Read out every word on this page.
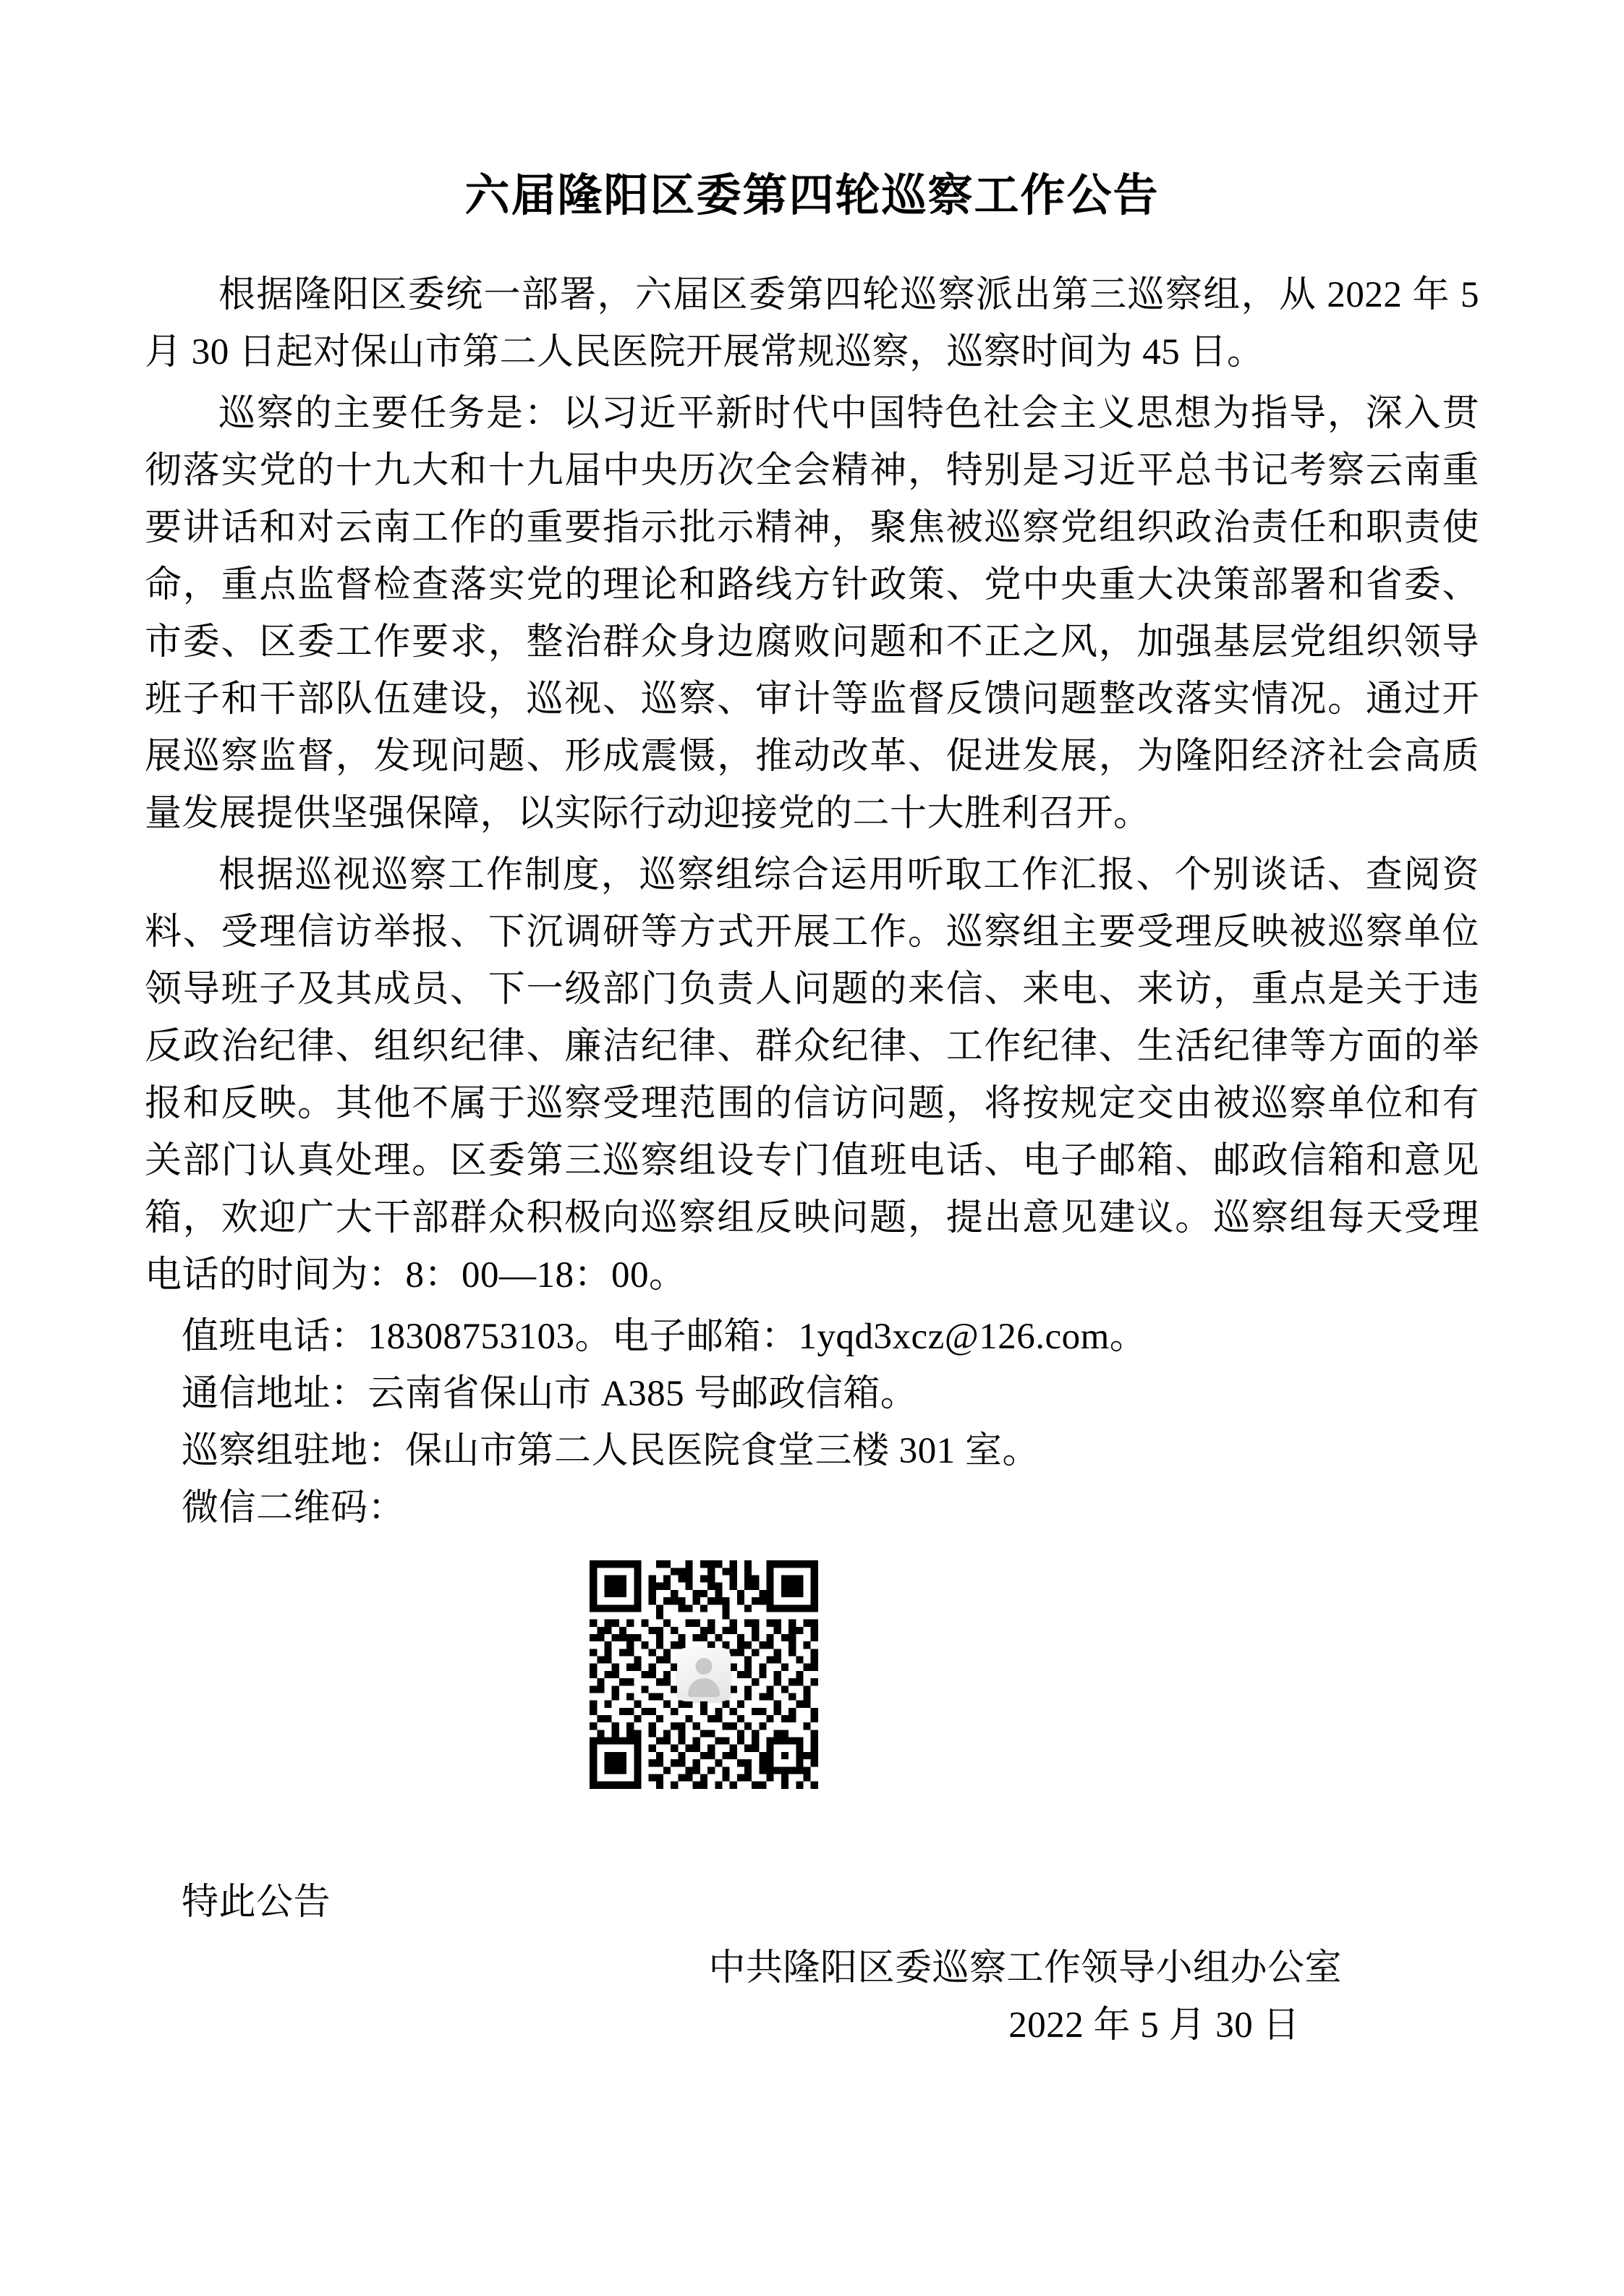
六届隆阳区委第四轮巡察工作公告

根据隆阳区委统一部署，六届区委第四轮巡察派出第三巡察组，从 2022 年 5 月 30 日起对保山市第二人民医院开展常规巡察，巡察时间为 45 日。

巡察的主要任务是：以习近平新时代中国特色社会主义思想为指导，深入贯彻落实党的十九大和十九届中央历次全会精神，特别是习近平总书记考察云南重要讲话和对云南工作的重要指示批示精神，聚焦被巡察党组织政治责任和职责使命，重点监督检查落实党的理论和路线方针政策、党中央重大决策部署和省委、市委、区委工作要求，整治群众身边腐败问题和不正之风，加强基层党组织领导班子和干部队伍建设，巡视、巡察、审计等监督反馈问题整改落实情况。通过开展巡察监督，发现问题、形成震慑，推动改革、促进发展，为隆阳经济社会高质量发展提供坚强保障，以实际行动迎接党的二十大胜利召开。

根据巡视巡察工作制度，巡察组综合运用听取工作汇报、个别谈话、查阅资料、受理信访举报、下沉调研等方式开展工作。巡察组主要受理反映被巡察单位领导班子及其成员、下一级部门负责人问题的来信、来电、来访，重点是关于违反政治纪律、组织纪律、廉洁纪律、群众纪律、工作纪律、生活纪律等方面的举报和反映。其他不属于巡察受理范围的信访问题，将按规定交由被巡察单位和有关部门认真处理。区委第三巡察组设专门值班电话、电子邮箱、邮政信箱和意见箱，欢迎广大干部群众积极向巡察组反映问题，提出意见建议。巡察组每天受理电话的时间为：8：00—18：00。

值班电话：18308753103。电子邮箱：1yqd3xcz@126.com。

通信地址：云南省保山市 A385 号邮政信箱。

巡察组驻地：保山市第二人民医院食堂三楼 301 室。

微信二维码：

特此公告

中共隆阳区委巡察工作领导小组办公室

2022 年 5 月 30 日
